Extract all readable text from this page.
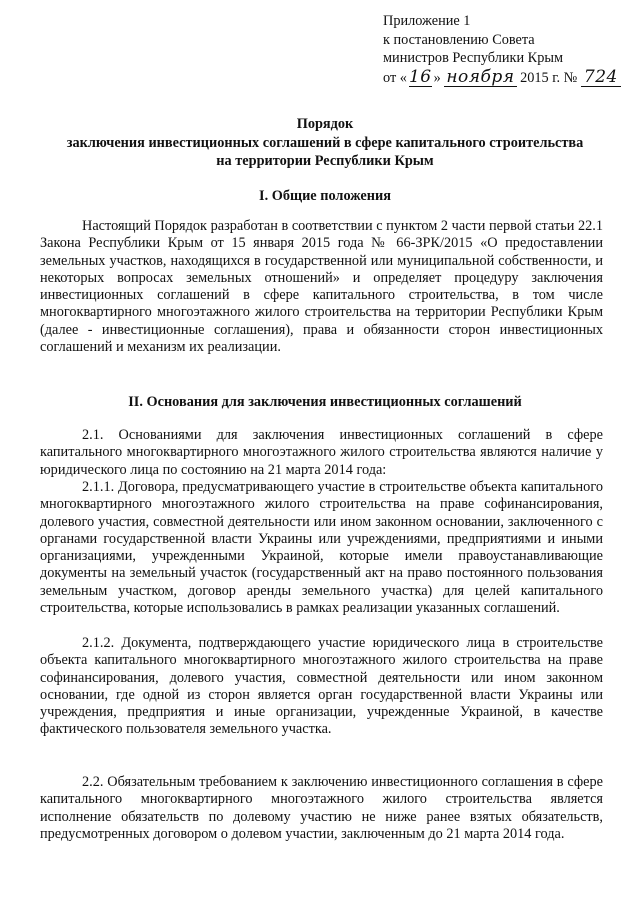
Приложение 1
к постановлению Совета
министров Республики Крым
от « 16 » ноября 2015 г. № 724
Порядок
заключения инвестиционных соглашений в сфере капитального строительства
на территории Республики Крым
I. Общие положения
Настоящий Порядок разработан в соответствии с пунктом 2 части первой статьи 22.1 Закона Республики Крым от 15 января 2015 года № 66-ЗРК/2015 «О предоставлении земельных участков, находящихся в государственной или муниципальной собственности, и некоторых вопросах земельных отношений» и определяет процедуру заключения инвестиционных соглашений в сфере капитального строительства, в том числе многоквартирного многоэтажного жилого строительства на территории Республики Крым (далее - инвестиционные соглашения), права и обязанности сторон инвестиционных соглашений и механизм их реализации.
II. Основания для заключения инвестиционных соглашений
2.1. Основаниями для заключения инвестиционных соглашений в сфере капитального многоквартирного многоэтажного жилого строительства являются наличие у юридического лица по состоянию на 21 марта 2014 года:
2.1.1. Договора, предусматривающего участие в строительстве объекта капитального многоквартирного многоэтажного жилого строительства на праве софинансирования, долевого участия, совместной деятельности или ином законном основании, заключенного с органами государственной власти Украины или учреждениями, предприятиями и иными организациями, учрежденными Украиной, которые имели правоустанавливающие документы на земельный участок (государственный акт на право постоянного пользования земельным участком, договор аренды земельного участка) для целей капитального строительства, которые использовались в рамках реализации указанных соглашений.
2.1.2. Документа, подтверждающего участие юридического лица в строительстве объекта капитального многоквартирного многоэтажного жилого строительства на праве софинансирования, долевого участия, совместной деятельности или ином законном основании, где одной из сторон является орган государственной власти Украины или учреждения, предприятия и иные организации, учрежденные Украиной, в качестве фактического пользователя земельного участка.
2.2. Обязательным требованием к заключению инвестиционного соглашения в сфере капитального многоквартирного многоэтажного жилого строительства является исполнение обязательств по долевому участию не ниже ранее взятых обязательств, предусмотренных договором о долевом участии, заключенным до 21 марта 2014 года.
